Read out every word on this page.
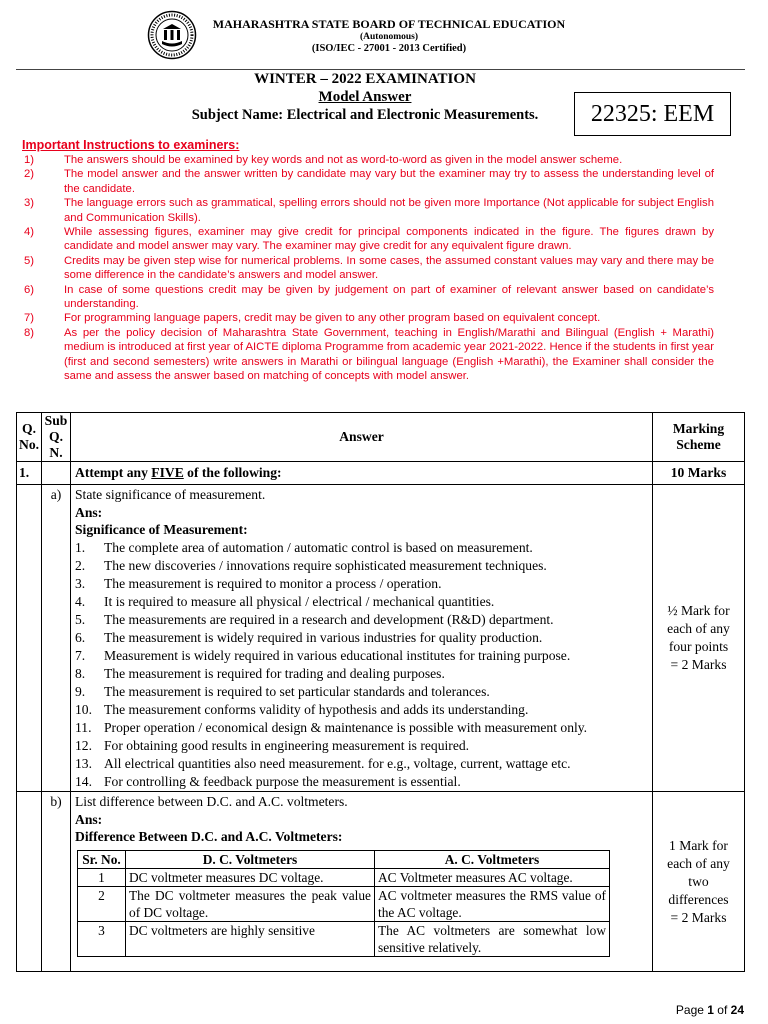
MAHARASHTRA STATE BOARD OF TECHNICAL EDUCATION
(Autonomous)
(ISO/IEC - 27001 - 2013 Certified)
WINTER – 2022 EXAMINATION
Model Answer
Subject Name: Electrical and Electronic Measurements.	22325: EEM
Important Instructions to examiners:
1)	The answers should be examined by key words and not as word-to-word as given in the model answer scheme.
2)	The model answer and the answer written by candidate may vary but the examiner may try to assess the understanding level of the candidate.
3)	The language errors such as grammatical, spelling errors should not be given more Importance (Not applicable for subject English and Communication Skills).
4)	While assessing figures, examiner may give credit for principal components indicated in the figure. The figures drawn by candidate and model answer may vary. The examiner may give credit for any equivalent figure drawn.
5)	Credits may be given step wise for numerical problems. In some cases, the assumed constant values may vary and there may be some difference in the candidate’s answers and model answer.
6)	In case of some questions credit may be given by judgement on part of examiner of relevant answer based on candidate’s understanding.
7)	For programming language papers, credit may be given to any other program based on equivalent concept.
8)	As per the policy decision of Maharashtra State Government, teaching in English/Marathi and Bilingual (English + Marathi) medium is introduced at first year of AICTE diploma Programme from academic year 2021-2022. Hence if the students in first year (first and second semesters) write answers in Marathi or bilingual language (English +Marathi), the Examiner shall consider the same and assess the answer based on matching of concepts with model answer.
Q. No.	Sub Q. N.	Answer	Marking Scheme
1.		Attempt any FIVE of the following:	10 Marks
	a)	State significance of measurement.
Ans:
Significance of Measurement:
1.	The complete area of automation / automatic control is based on measurement.
2.	The new discoveries / innovations require sophisticated measurement techniques.
3.	The measurement is required to monitor a process / operation.
4.	It is required to measure all physical / electrical / mechanical quantities.
5.	The measurements are required in a research and development (R&D) department.
6.	The measurement is widely required in various industries for quality production.
7.	Measurement is widely required in various educational institutes for training purpose.
8.	The measurement is required for trading and dealing purposes.
9.	The measurement is required to set particular standards and tolerances.
10. The measurement conforms validity of hypothesis and adds its understanding.
11. Proper operation / economical design & maintenance is possible with measurement only.
12. For obtaining good results in engineering measurement is required.
13. All electrical quantities also need measurement. for e.g., voltage, current, wattage etc.
14. For controlling & feedback purpose the measurement is essential.

½ Mark for
each of any
four points
= 2 Marks

	b)	List difference between D.C. and A.C. voltmeters.
Ans:
Difference Between D.C. and A.C. Voltmeters:
Sr. No.	D. C. Voltmeters	A. C. Voltmeters
1	DC voltmeter measures DC voltage.	AC Voltmeter measures AC voltage.
2	The DC voltmeter measures the peak value of DC voltage.	AC voltmeter measures the RMS value of the AC voltage.
3	DC voltmeters are highly sensitive	The AC voltmeters are somewhat low sensitive relatively.

1 Mark for
each of any
two
differences
= 2 Marks
Page 1 of 24
